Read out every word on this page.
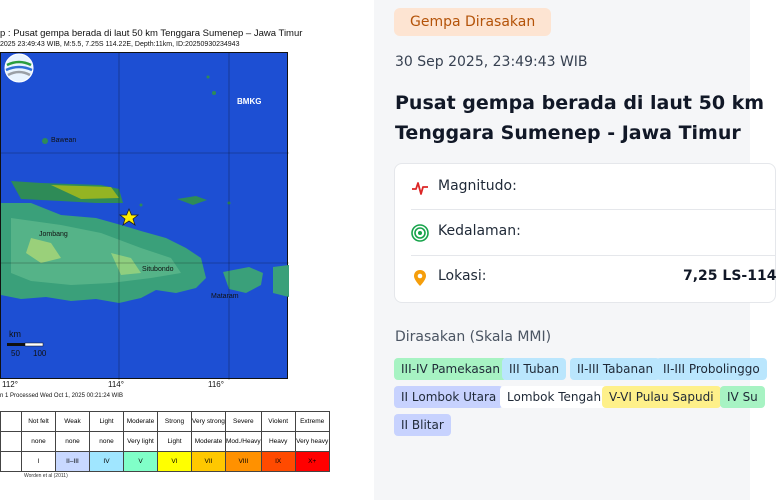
p : Pusat gempa berada di laut 50 km Tenggara Sumenep – Jawa Timur
2025 23:49:43 WIB, M:5.5, 7.25S 114.22E, Depth:11km, ID:20250930234943
Bawean
Jombang
Situbondo
Mataram
km
50 100
BMKG
112°	114°	116°
n 1 Processed Wed Oct 1, 2025 00:21:24 WIB
	Not felt	Weak	Light	Moderate	Strong	Very strong	Severe	Violent	Extreme
	none	none	none	Very light	Light	Moderate	Mod./Heavy	Heavy	Very heavy
	I	II–III	IV	V	VI	VII	VIII	IX	X+
Worden et al (2011)
Gempa Dirasakan
30 Sep 2025, 23:49:43 WIB
Pusat gempa berada di laut 50 km
Tenggara Sumenep - Jawa Timur
Magnitudo:
Kedalaman:
Lokasi:	7,25 LS-114
Dirasakan (Skala MMI)
III-IV Pamekasan III Tuban	II-III Tabanan II-III Probolinggo
II Lombok Utara Lombok Tengah V-VI Pulau Sapudi	IV Su
II Blitar
